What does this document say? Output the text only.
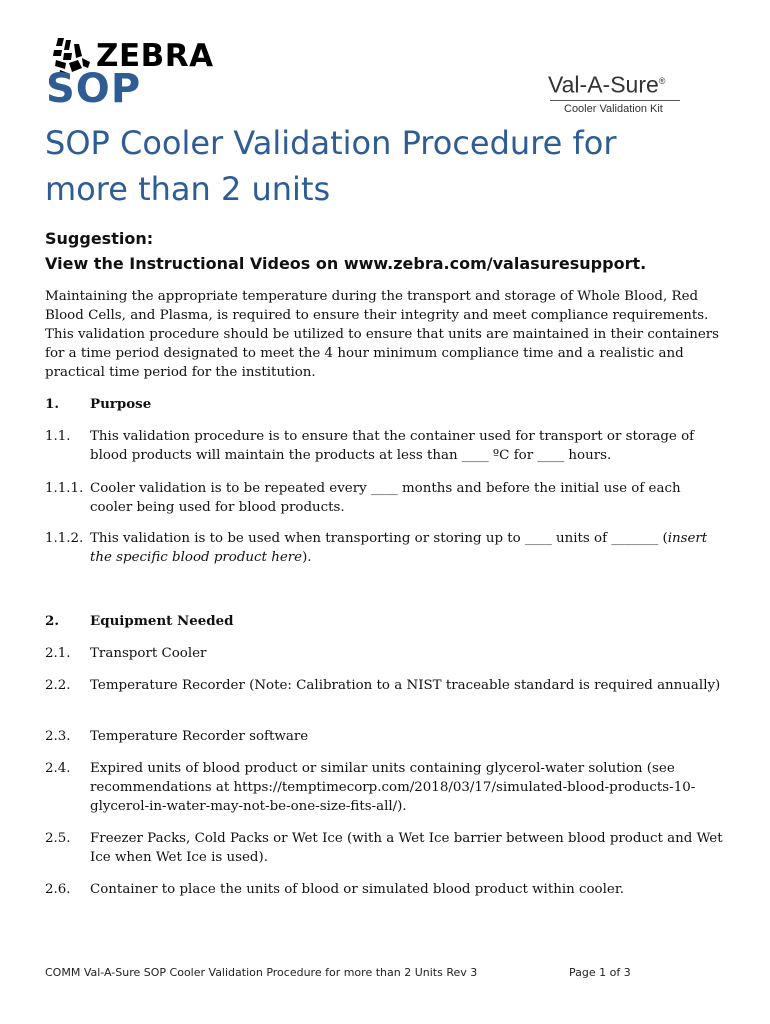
ZEBRA
SOP	Val-A-Sure®
Cooler Validation Kit
SOP Cooler Validation Procedure for more than 2 units
Suggestion:
View the Instructional Videos on www.zebra.com/valasuresupport.

Maintaining the appropriate temperature during the transport and storage of Whole Blood, Red Blood Cells, and Plasma, is required to ensure their integrity and meet compliance requirements. This validation procedure should be utilized to ensure that units are maintained in their containers for a time period designated to meet the 4 hour minimum compliance time and a realistic and practical time period for the institution.

1. Purpose
1.1. This validation procedure is to ensure that the container used for transport or storage of blood products will maintain the products at less than ____ ºC for ____ hours.
1.1.1. Cooler validation is to be repeated every ____ months and before the initial use of each cooler being used for blood products.
1.1.2. This validation is to be used when transporting or storing up to ____ units of _______ (insert the specific blood product here).
2. Equipment Needed
2.1. Transport Cooler
2.2. Temperature Recorder (Note: Calibration to a NIST traceable standard is required annually)
2.3. Temperature Recorder software
2.4. Expired units of blood product or similar units containing glycerol-water solution (see recommendations at https://temptimecorp.com/2018/03/17/simulated-blood-products-10-glycerol-in-water-may-not-be-one-size-fits-all/).
2.5. Freezer Packs, Cold Packs or Wet Ice (with a Wet Ice barrier between blood product and Wet Ice when Wet Ice is used).
2.6. Container to place the units of blood or simulated blood product within cooler.
COMM Val-A-Sure SOP Cooler Validation Procedure for more than 2 Units Rev 3	Page 1 of 3
